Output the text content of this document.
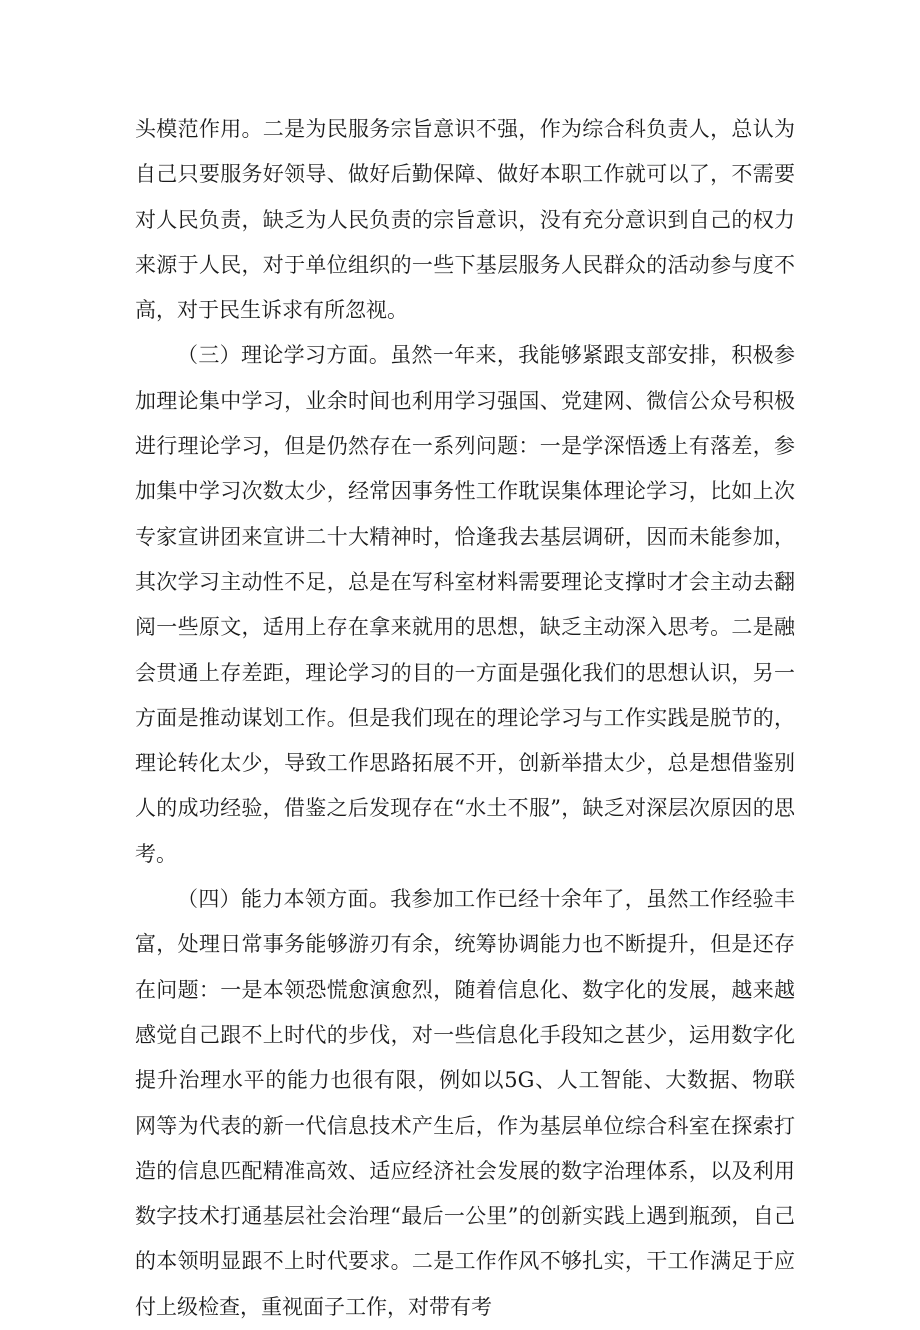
头模范作用。二是为民服务宗旨意识不强，作为综合科负责人，总认为自己只要服务好领导、做好后勤保障、做好本职工作就可以了，不需要对人民负责，缺乏为人民负责的宗旨意识，没有充分意识到自己的权力来源于人民，对于单位组织的一些下基层服务人民群众的活动参与度不高，对于民生诉求有所忽视。

（三）理论学习方面。虽然一年来，我能够紧跟支部安排，积极参加理论集中学习，业余时间也利用学习强国、党建网、微信公众号积极进行理论学习，但是仍然存在一系列问题：一是学深悟透上有落差，参加集中学习次数太少，经常因事务性工作耽误集体理论学习，比如上次专家宣讲团来宣讲二十大精神时，恰逢我去基层调研，因而未能参加，其次学习主动性不足，总是在写科室材料需要理论支撑时才会主动去翻阅一些原文，适用上存在拿来就用的思想，缺乏主动深入思考。二是融会贯通上存差距，理论学习的目的一方面是强化我们的思想认识，另一方面是推动谋划工作。但是我们现在的理论学习与工作实践是脱节的，理论转化太少，导致工作思路拓展不开，创新举措太少，总是想借鉴别人的成功经验，借鉴之后发现存在“水土不服”，缺乏对深层次原因的思考。

（四）能力本领方面。我参加工作已经十余年了，虽然工作经验丰富，处理日常事务能够游刃有余，统筹协调能力也不断提升，但是还存在问题：一是本领恐慌愈演愈烈，随着信息化、数字化的发展，越来越感觉自己跟不上时代的步伐，对一些信息化手段知之甚少，运用数字化提升治理水平的能力也很有限，例如以5G、人工智能、大数据、物联网等为代表的新一代信息技术产生后，作为基层单位综合科室在探索打造的信息匹配精准高效、适应经济社会发展的数字治理体系，以及利用数字技术打通基层社会治理“最后一公里”的创新实践上遇到瓶颈，自己的本领明显跟不上时代要求。二是工作作风不够扎实，干工作满足于应付上级检查，重视面子工作，对带有考
